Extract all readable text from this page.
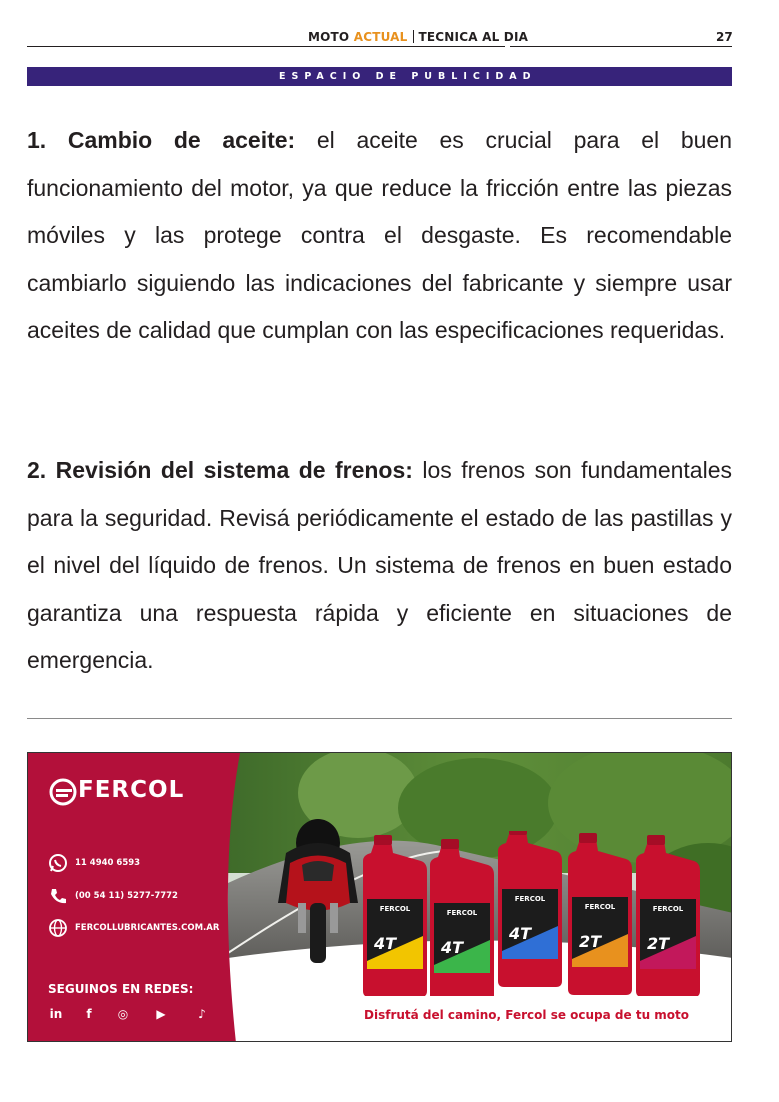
MOTO ACTUAL TECNICA AL DIA	27
ESPACIO DE PUBLICIDAD
1. Cambio de aceite: el aceite es crucial para el buen funcionamiento del motor, ya que reduce la fricción entre las piezas móviles y las protege contra el desgaste. Es recomendable cambiarlo siguiendo las indicaciones del fabricante y siempre usar aceites de calidad que cumplan con las especificaciones requeridas.
2. Revisión del sistema de frenos: los frenos son fundamentales para la seguridad. Revisá periódicamente el estado de las pastillas y el nivel del líquido de frenos. Un sistema de frenos en buen estado garantiza una respuesta rápida y eficiente en situaciones de emergencia.
FERCOL
11 4940 6593
(00 54 11) 5277-7772
FERCOLLUBRICANTES.COM.AR
SEGUINOS EN REDES:
in	f	◎	▶	♪
FERCOL
4T
FERCOL
4T
FERCOL
4T
FERCOL
2T
FERCOL
2T
Disfrutá del camino, Fercol se ocupa de tu moto
